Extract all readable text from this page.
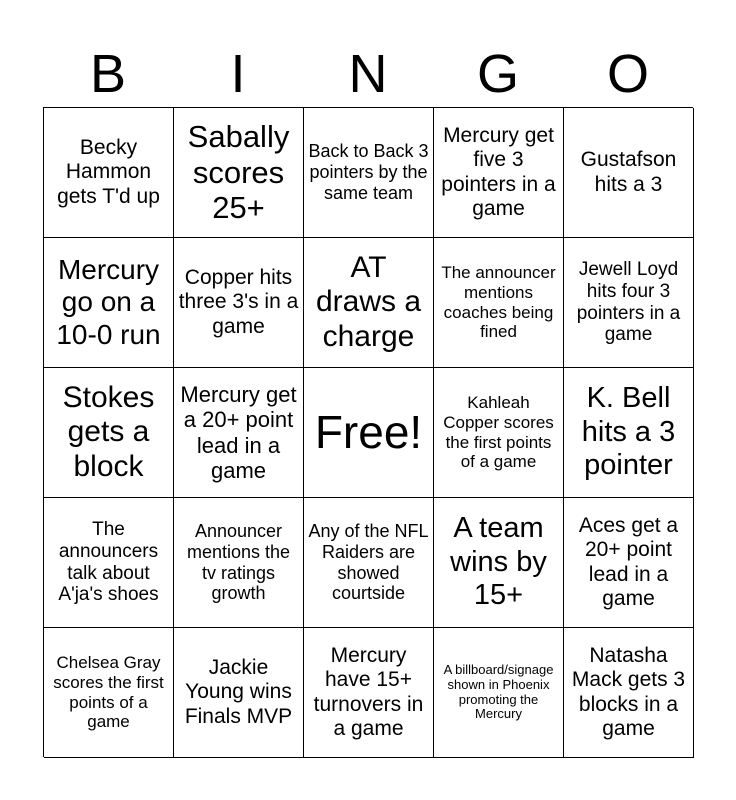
B	I	N	G	O
Becky Hammon gets T'd up
Sabally scores 25+
Back to Back 3 pointers by the same team
Mercury get five 3 pointers in a game
Gustafson hits a 3
Mercury go on a 10-0 run
Copper hits three 3's in a game
AT draws a charge
The announcer mentions coaches being fined
Jewell Loyd hits four 3 pointers in a game
Stokes gets a block
Mercury get a 20+ point lead in a game
Free!
Kahleah Copper scores the first points of a game
K. Bell hits a 3 pointer
The announcers talk about A'ja's shoes
Announcer mentions the tv ratings growth
Any of the NFL Raiders are showed courtside
A team wins by 15+
Aces get a 20+ point lead in a game
Chelsea Gray scores the first points of a game
Jackie Young wins Finals MVP
Mercury have 15+ turnovers in a game
A billboard/signage shown in Phoenix promoting the Mercury
Natasha Mack gets 3 blocks in a game
